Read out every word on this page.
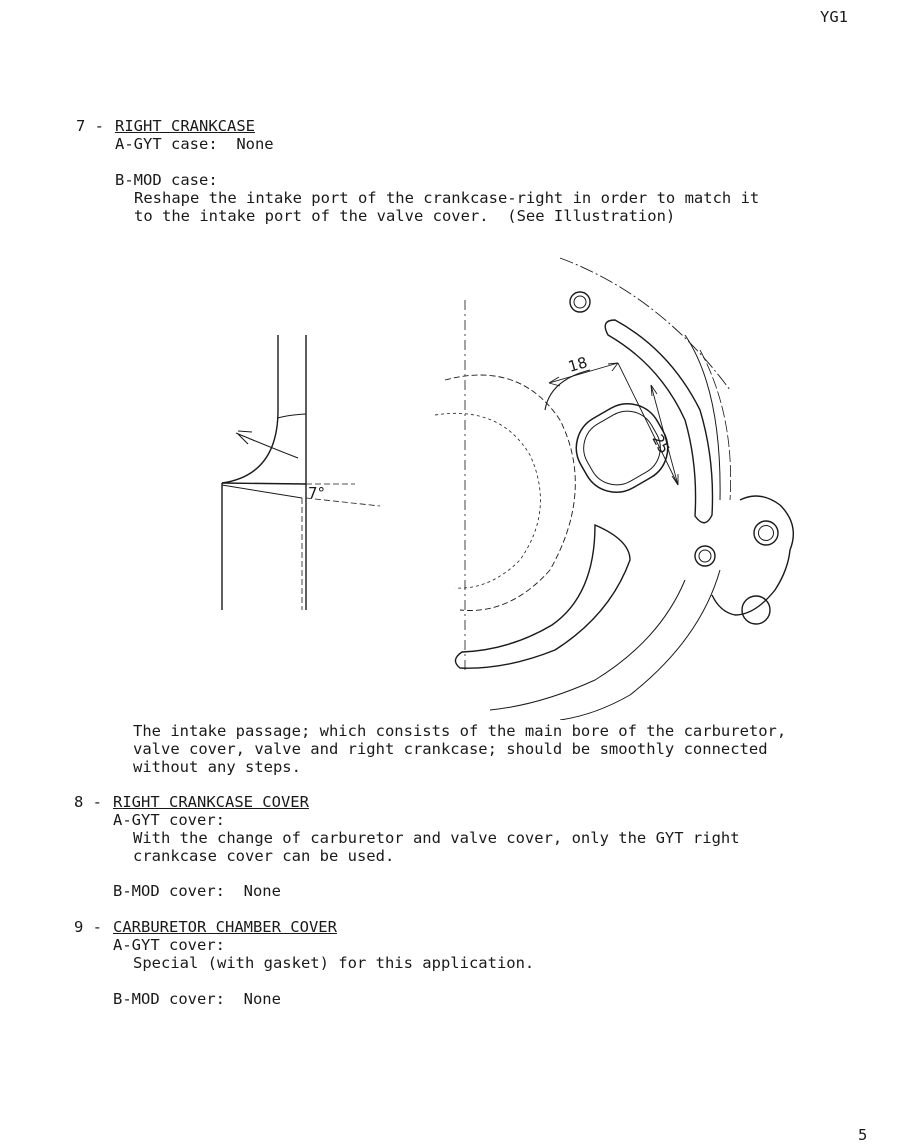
YG1
5
7 - RIGHT CRANKCASE
A-GYT case:  None
B-MOD case:
Reshape the intake port of the crankcase-right in order to match it
to the intake port of the valve cover.  (See Illustration)
7°
18
25
The intake passage; which consists of the main bore of the carburetor,
valve cover, valve and right crankcase; should be smoothly connected
without any steps.
8 - RIGHT CRANKCASE COVER
A-GYT cover:
With the change of carburetor and valve cover, only the GYT right
crankcase cover can be used.
B-MOD cover:  None
9 - CARBURETOR CHAMBER COVER
A-GYT cover:
Special (with gasket) for this application.
B-MOD cover:  None
